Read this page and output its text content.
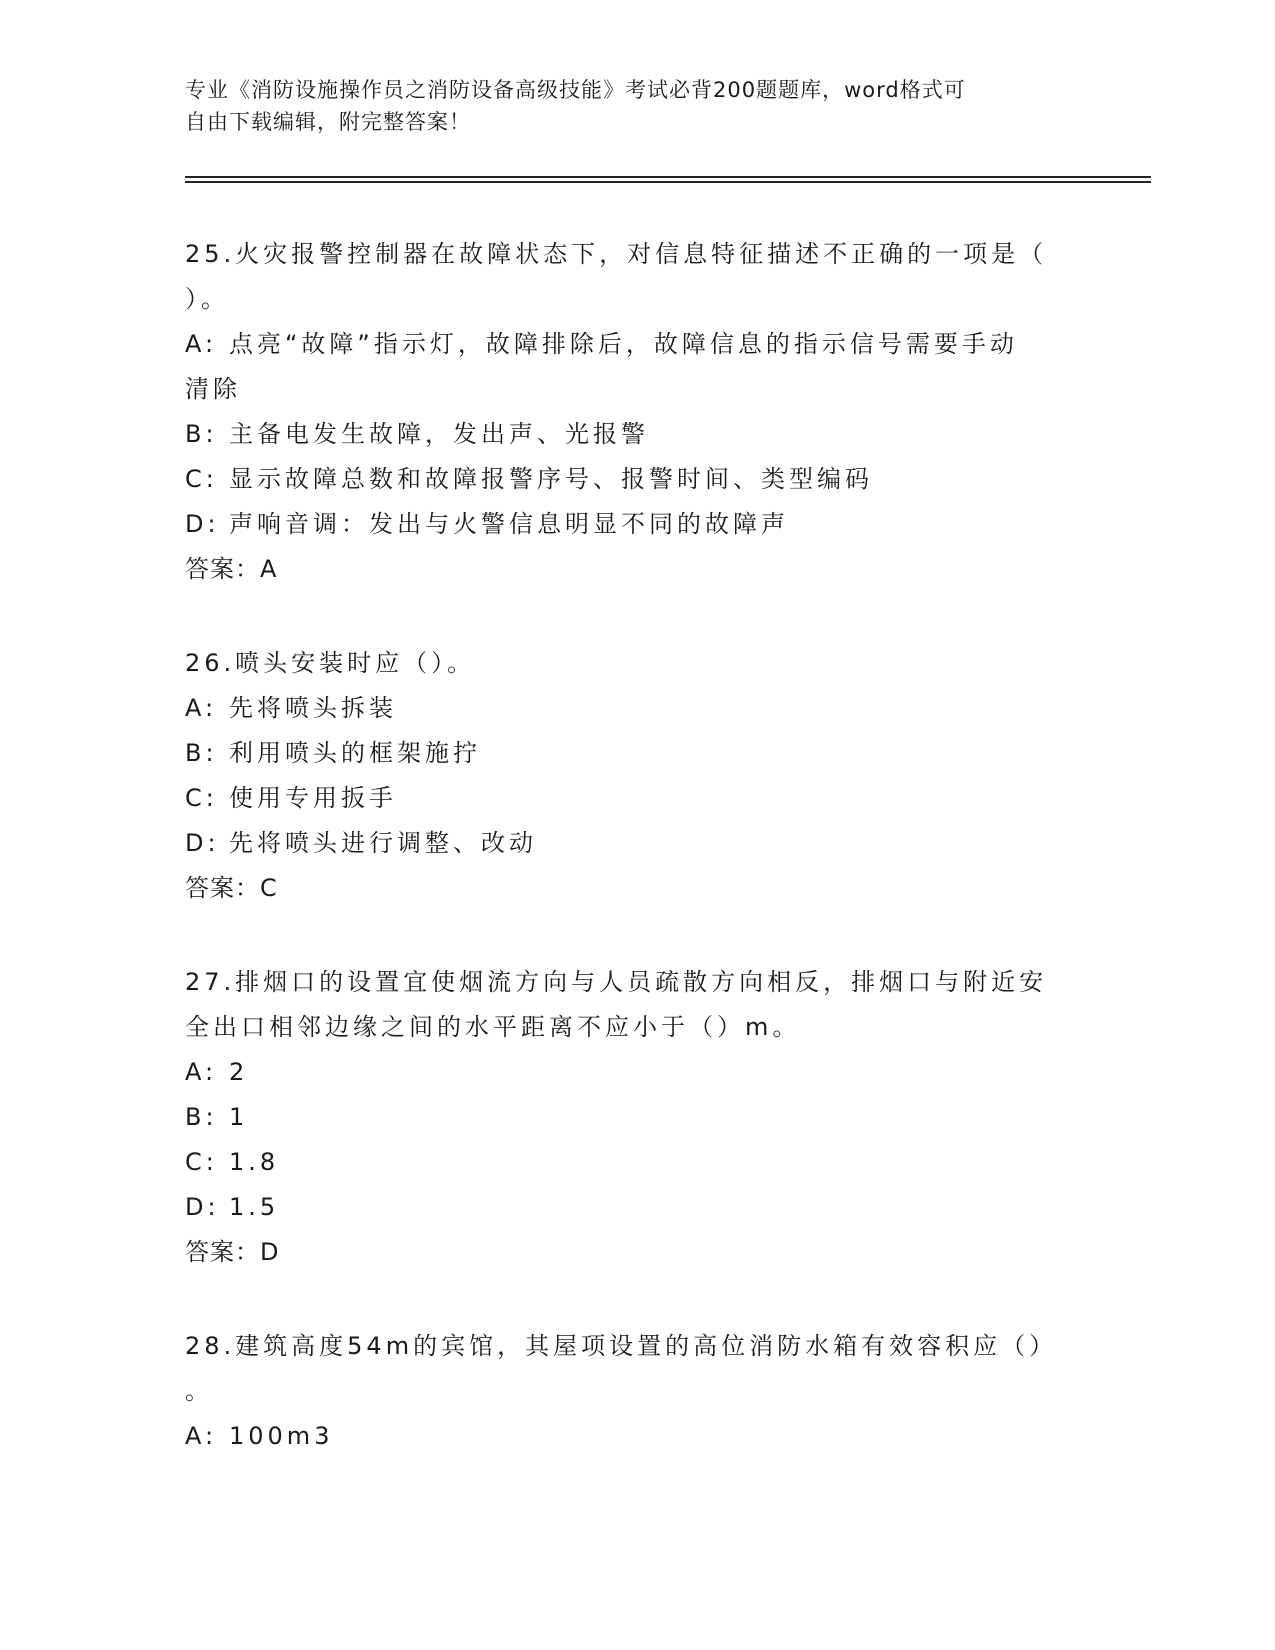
专业《消防设施操作员之消防设备高级技能》考试必背200题题库，word格式可
自由下载编辑，附完整答案！

25.火灾报警控制器在故障状态下，对信息特征描述不正确的一项是（

）。

A: 点亮“故障”指示灯，故障排除后，故障信息的指示信号需要手动

清除

B: 主备电发生故障，发出声、光报警
C: 显示故障总数和故障报警序号、报警时间、类型编码
D: 声响音调：发出与火警信息明显不同的故障声

答案：A

26.喷头安装时应（）。

A: 先将喷头拆装
B: 利用喷头的框架施拧
C: 使用专用扳手
D: 先将喷头进行调整、改动

答案：C

27.排烟口的设置宜使烟流方向与人员疏散方向相反，排烟口与附近安

全出口相邻边缘之间的水平距离不应小于（）m。

A: 2
B: 1
C: 1.8
D: 1.5

答案：D

28.建筑高度54m的宾馆，其屋项设置的高位消防水箱有效容积应（）

。

A: 100m3
